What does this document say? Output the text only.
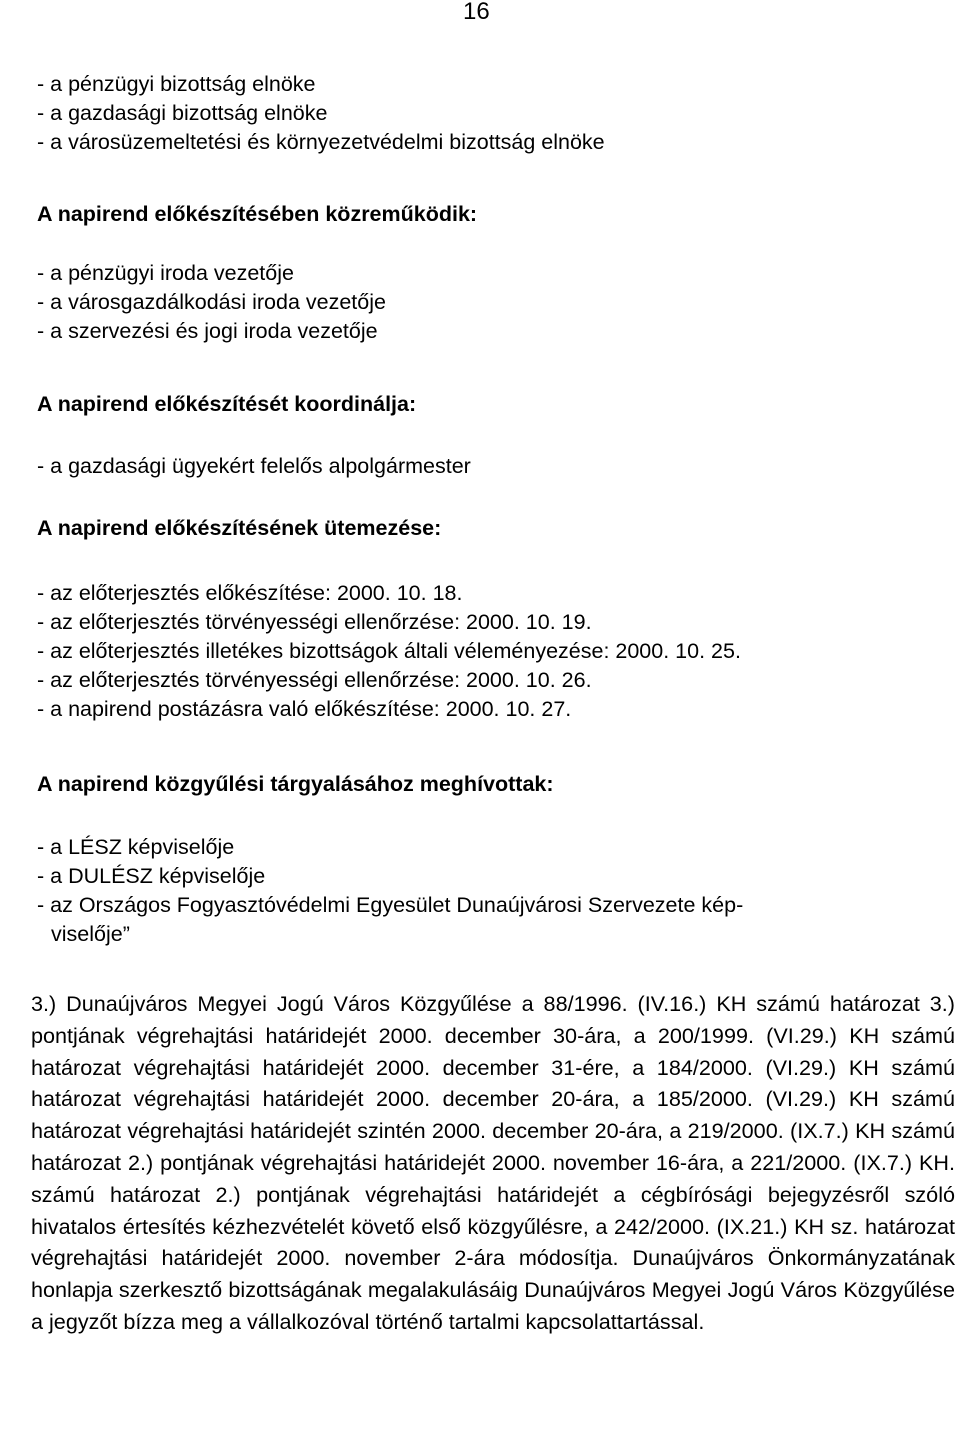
16
- a pénzügyi bizottság elnöke
- a gazdasági bizottság elnöke
- a városüzemeltetési és környezetvédelmi bizottság elnöke
A napirend előkészítésében közreműködik:
- a pénzügyi iroda vezetője
- a városgazdálkodási iroda vezetője
- a szervezési és jogi iroda vezetője
A napirend előkészítését koordinálja:
- a gazdasági ügyekért felelős alpolgármester
A napirend előkészítésének ütemezése:
- az előterjesztés előkészítése: 2000. 10. 18.
- az előterjesztés törvényességi ellenőrzése: 2000. 10. 19.
- az előterjesztés illetékes bizottságok általi véleményezése: 2000. 10. 25.
- az előterjesztés törvényességi ellenőrzése: 2000. 10. 26.
- a napirend postázásra való előkészítése: 2000. 10. 27.
A napirend közgyűlési tárgyalásához meghívottak:
- a LÉSZ képviselője
- a DULÉSZ képviselője
- az Országos Fogyasztóvédelmi Egyesület Dunaújvárosi Szervezete kép-
viselője”
3.) Dunaújváros Megyei Jogú Város Közgyűlése a 88/1996. (IV.16.) KH számú határozat 3.) pontjának végrehajtási határidejét 2000. december 30-ára, a 200/1999. (VI.29.) KH számú határozat végrehajtási határidejét 2000. december 31-ére, a 184/2000. (VI.29.) KH számú határozat végrehajtási határidejét 2000. december 20-ára, a 185/2000. (VI.29.) KH számú határozat végrehajtási határidejét szintén 2000. december 20-ára, a 219/2000. (IX.7.) KH számú határozat 2.) pontjának végrehajtási határidejét 2000. november 16-ára, a 221/2000. (IX.7.) KH. számú határozat 2.) pontjának végrehajtási határidejét a cégbírósági bejegyzésről szóló hivatalos értesítés kézhezvételét követő első közgyűlésre, a 242/2000. (IX.21.) KH sz. határozat végrehajtási határidejét 2000. november 2-ára módosítja. Dunaújváros Önkormányzatának honlapja szerkesztő bizottságának megalakulásáig Dunaújváros Megyei Jogú Város Közgyűlése a jegyzőt bízza meg a vállalkozóval történő tartalmi kapcsolattartással.
